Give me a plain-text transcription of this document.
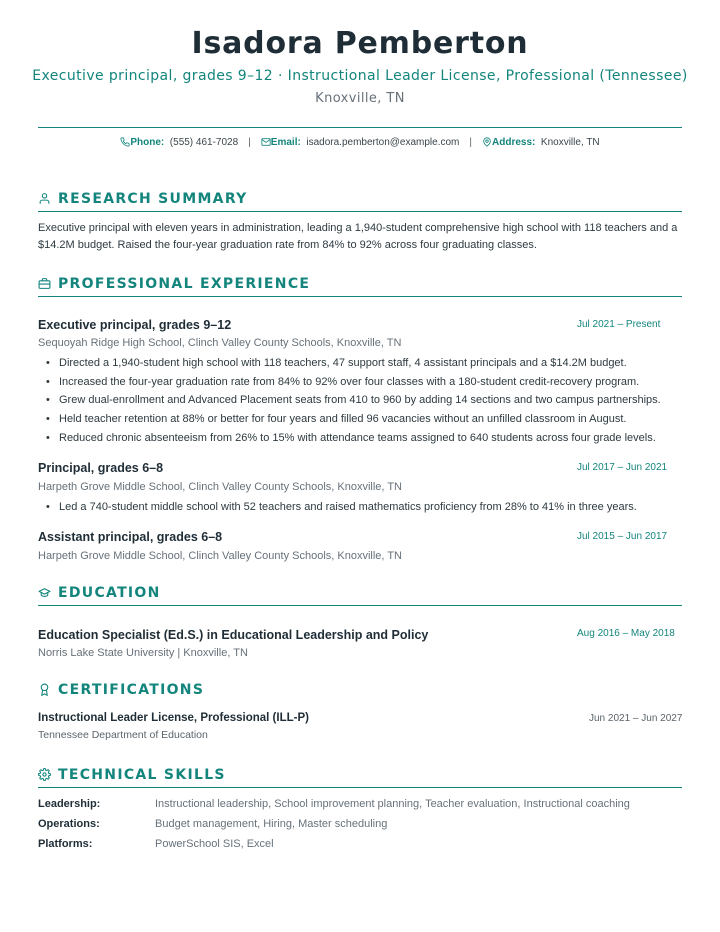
Isadora Pemberton
Executive principal, grades 9–12 · Instructional Leader License, Professional (Tennessee)
Knoxville, TN
Phone: (555) 461-7028 | Email: isadora.pemberton@example.com | Address: Knoxville, TN
RESEARCH SUMMARY
Executive principal with eleven years in administration, leading a 1,940-student comprehensive high school with 118 teachers and a $14.2M budget. Raised the four-year graduation rate from 84% to 92% across four graduating classes.
PROFESSIONAL EXPERIENCE
Executive principal, grades 9–12	Jul 2021 – Present
Sequoyah Ridge High School, Clinch Valley County Schools, Knoxville, TN
• Directed a 1,940-student high school with 118 teachers, 47 support staff, 4 assistant principals and a $14.2M budget.
• Increased the four-year graduation rate from 84% to 92% over four classes with a 180-student credit-recovery program.
• Grew dual-enrollment and Advanced Placement seats from 410 to 960 by adding 14 sections and two campus partnerships.
• Held teacher retention at 88% or better for four years and filled 96 vacancies without an unfilled classroom in August.
• Reduced chronic absenteeism from 26% to 15% with attendance teams assigned to 640 students across four grade levels.
Principal, grades 6–8	Jul 2017 – Jun 2021
Harpeth Grove Middle School, Clinch Valley County Schools, Knoxville, TN
• Led a 740-student middle school with 52 teachers and raised mathematics proficiency from 28% to 41% in three years.
Assistant principal, grades 6–8	Jul 2015 – Jun 2017
Harpeth Grove Middle School, Clinch Valley County Schools, Knoxville, TN
EDUCATION
Education Specialist (Ed.S.) in Educational Leadership and Policy	Aug 2016 – May 2018
Norris Lake State University | Knoxville, TN
CERTIFICATIONS
Instructional Leader License, Professional (ILL-P)	Jun 2021 – Jun 2027
Tennessee Department of Education
TECHNICAL SKILLS
Leadership:	Instructional leadership, School improvement planning, Teacher evaluation, Instructional coaching
Operations:	Budget management, Hiring, Master scheduling
Platforms:	PowerSchool SIS, Excel
